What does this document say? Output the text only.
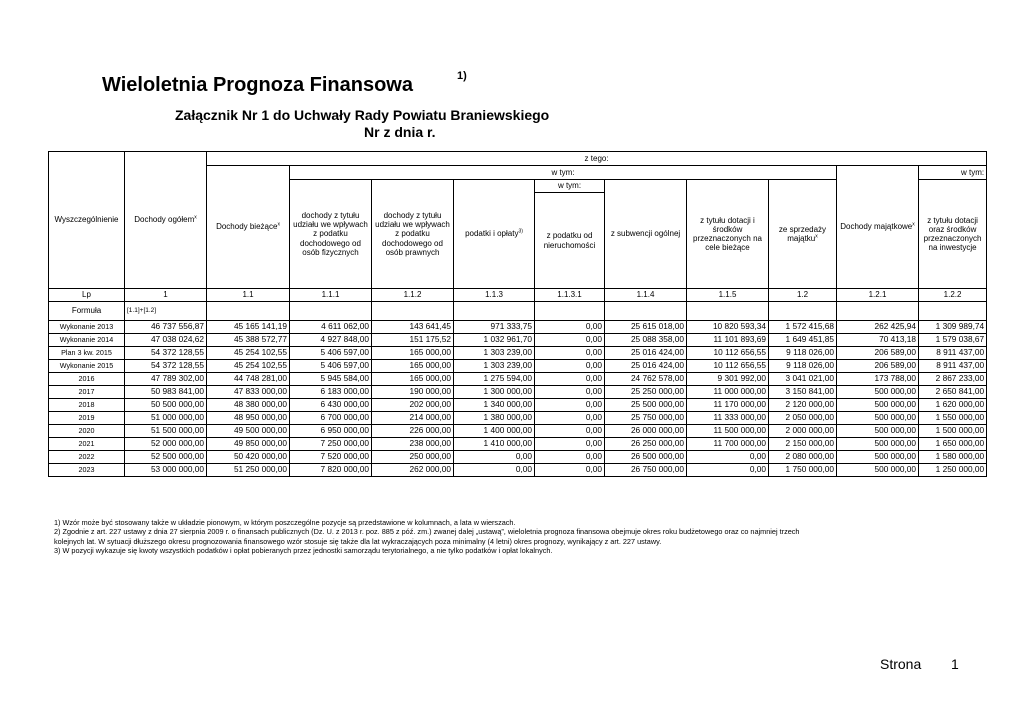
Wieloletnia Prognoza Finansowa	1)
Załącznik Nr 1 do Uchwały Rady Powiatu Braniewskiego
Nr z dnia r.
Wyszczególnienie	Dochody ogółem$^x$	z tego:									
		Dochody bieżące$^x$	w tym:							Dochody majątkowe$^x$	w tym:
			dochody z tytułu udziału we wpływach z podatku dochodowego od osób fizycznych	dochody z tytułu udziału we wpływach z podatku dochodowego od osób prawnych	podatki i opłaty$^{3)}$	w tym:	z subwencji ogólnej	z tytułu dotacji i środków przeznaczonych na cele bieżące	ze sprzedaży majątku$^x$		z tytułu dotacji oraz środków przeznaczonych na inwestycje
						z podatku od nieruchomości					
Lp	1	1.1	1.1.1	1.1.2	1.1.3	1.1.3.1	1.1.4	1.1.5	1.2	1.2.1	1.2.2
Formuła	[1.1]+[1.2]										
Wykonanie 2013	46 737 556,87	45 165 141,19	4 611 062,00	143 641,45	971 333,75	0,00	25 615 018,00	10 820 593,34	1 572 415,68	262 425,94	1 309 989,74
Wykonanie 2014	47 038 024,62	45 388 572,77	4 927 848,00	151 175,52	1 032 961,70	0,00	25 088 358,00	11 101 893,69	1 649 451,85	70 413,18	1 579 038,67
Plan 3 kw. 2015	54 372 128,55	45 254 102,55	5 406 597,00	165 000,00	1 303 239,00	0,00	25 016 424,00	10 112 656,55	9 118 026,00	206 589,00	8 911 437,00
Wykonanie 2015	54 372 128,55	45 254 102,55	5 406 597,00	165 000,00	1 303 239,00	0,00	25 016 424,00	10 112 656,55	9 118 026,00	206 589,00	8 911 437,00
2016	47 789 302,00	44 748 281,00	5 945 584,00	165 000,00	1 275 594,00	0,00	24 762 578,00	9 301 992,00	3 041 021,00	173 788,00	2 867 233,00
2017	50 983 841,00	47 833 000,00	6 183 000,00	190 000,00	1 300 000,00	0,00	25 250 000,00	11 000 000,00	3 150 841,00	500 000,00	2 650 841,00
2018	50 500 000,00	48 380 000,00	6 430 000,00	202 000,00	1 340 000,00	0,00	25 500 000,00	11 170 000,00	2 120 000,00	500 000,00	1 620 000,00
2019	51 000 000,00	48 950 000,00	6 700 000,00	214 000,00	1 380 000,00	0,00	25 750 000,00	11 333 000,00	2 050 000,00	500 000,00	1 550 000,00
2020	51 500 000,00	49 500 000,00	6 950 000,00	226 000,00	1 400 000,00	0,00	26 000 000,00	11 500 000,00	2 000 000,00	500 000,00	1 500 000,00
2021	52 000 000,00	49 850 000,00	7 250 000,00	238 000,00	1 410 000,00	0,00	26 250 000,00	11 700 000,00	2 150 000,00	500 000,00	1 650 000,00
2022	52 500 000,00	50 420 000,00	7 520 000,00	250 000,00	0,00	0,00	26 500 000,00	0,00	2 080 000,00	500 000,00	1 580 000,00
2023	53 000 000,00	51 250 000,00	7 820 000,00	262 000,00	0,00	0,00	26 750 000,00	0,00	1 750 000,00	500 000,00	1 250 000,00
1) Wzór może być stosowany także w układzie pionowym, w którym poszczególne pozycje są przedstawione w kolumnach, a lata w wierszach.
2) Zgodnie z art. 227 ustawy z dnia 27 sierpnia 2009 r. o finansach publicznych (Dz. U. z 2013 r. poz. 885 z póź. zm.) zwanej dalej „ustawą”, wieloletnia prognoza finansowa obejmuje okres roku budżetowego oraz co najmniej trzech
kolejnych lat. W sytuacji dłuższego okresu prognozowania finansowego wzór stosuje się także dla lat wykraczających poza minimalny (4 letni) okres prognozy, wynikający z art. 227 ustawy.
3) W pozycji wykazuje się kwoty wszystkich podatków i opłat pobieranych przez jednostki samorządu terytorialnego, a nie tylko podatków i opłat lokalnych.
Strona 1
